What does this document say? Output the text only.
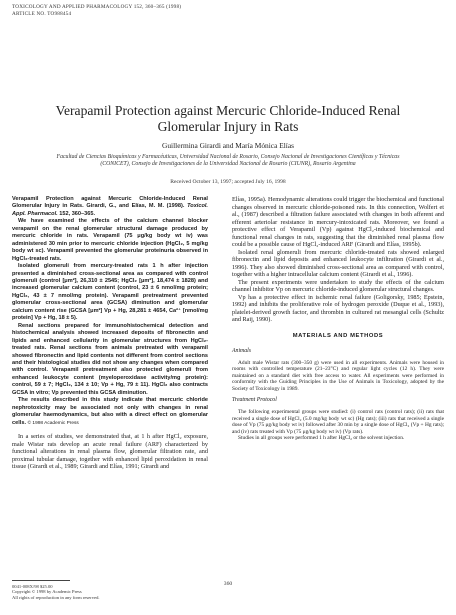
TOXICOLOGY AND APPLIED PHARMACOLOGY 152, 360–365 (1998)
ARTICLE NO. TO988454
Verapamil Protection against Mercuric Chloride-Induced Renal
Glomerular Injury in Rats
Guillermina Girardi and María Mónica Elías
Facultad de Ciencias Bioquímicas y Farmacéuticas, Universidad Nacional de Rosario, Consejo Nacional de Investigaciones Científicas y Técnicas
(CONICET), Consejo de Investigaciones de la Universidad Nacional de Rosario (CIUNR), Rosario Argentina
Received October 13, 1997; accepted July 16, 1998

Verapamil Protection against Mercuric Chloride-Induced Renal Glomerular Injury in Rats. Girardi, G., and Elías, M. M. (1998). Toxicol. Appl. Pharmacol. 152, 360–365.

We have examined the effects of the calcium channel blocker verapamil on the renal glomerular structural damage produced by mercuric chloride in rats. Verapamil (75 μg/kg body wt iv) was administered 30 min prior to mercuric chloride injection (HgCl₂, 5 mg/kg body wt sc). Verapamil prevented the glomerular proteinuria observed in HgCl₂-treated rats.

Isolated glomeruli from mercury-treated rats 1 h after injection presented a diminished cross-sectional area as compared with control glomeruli (control [μm²], 26,310 ± 2545; HgCl₂ [μm²], 18,474 ± 1828) and increased glomerular calcium content (control, 23 ± 6 nmol/mg protein; HgCl₂, 43 ± 7 nmol/mg protein). Verapamil pretreatment prevented glomerular cross-sectional area (GCSA) diminution and glomerular calcium content rise (GCSA [μm²] Vp + Hg, 28,281 ± 4654, Ca²⁺ [nmol/mg protein] Vp + Hg, 18 ± 5).

Renal sections prepared for immunohistochemical detection and histochemical analysis showed increased deposits of fibronectin and lipids and enhanced cellularity in glomerular structures from HgCl₂-treated rats. Renal sections from animals pretreated with verapamil showed fibronectin and lipid contents not different from control sections and their histological studies did not show any changes when compared with control. Verapamil pretreatment also protected glomeruli from enhanced leukocyte content (myeloperoxidase activity/mg protein): control, 59 ± 7; HgCl₂, 134 ± 10; Vp + Hg, 79 ± 11). HgCl₂ also contracts GCSA in vitro; Vp prevented this GCSA diminution.

The results described in this study indicate that mercuric chloride nephrotoxicity may be associated not only with changes in renal glomerular haemodynamics, but also with a direct effect on glomerular cells. © 1998 Academic Press

In a series of studies, we demonstrated that, at 1 h after HgCl₂ exposure, male Wistar rats develop an acute renal failure (ARF) characterized by functional alterations in renal plasma flow, glomerular filtration rate, and proximal tubular damage, together with enhanced lipid peroxidation in renal tissue (Girardi et al., 1989; Girardi and Elías, 1991; Girardi and

Elías, 1995a). Hemodynamic alterations could trigger the biochemical and functional changes observed in mercuric chloride-poisoned rats. In this connection, Wolfert et al., (1987) described a filtration failure associated with changes in both afferent and efferent arteriolar resistance in mercury-intoxicated rats. Moreover, we found a protective effect of Verapamil (Vp) against HgCl₂-induced biochemical and functional renal changes in rats, suggesting that the diminished renal plasma flow could be a possible cause of HgCl₂-induced ARF (Girardi and Elías, 1995b).

Isolated renal glomeruli from mercuric chloride-treated rats showed enlarged fibronectin and lipid deposits and enhanced leukocyte infiltration (Girardi et al., 1996). They also showed diminished cross-sectional area as compared with control, together with a higher intracellular calcium content (Girardi et al., 1996).

The present experiments were undertaken to study the effects of the calcium channel inhibitor Vp on mercuric chloride-induced glomerular structural changes.

Vp has a protective effect in ischemic renal failure (Goligorsky, 1985; Epstein, 1992) and inhibits the proliferative role of hydrogen peroxide (Duque et al., 1993), platelet-derived growth factor, and thrombin in cultured rat mesangial cells (Schultz and Raij, 1990).

MATERIALS AND METHODS
Animals

Adult male Wistar rats (300–350 g) were used in all experiments. Animals were housed in rooms with controlled temperature (21–23°C) and regular light cycles (12 h). They were maintained on a standard diet with free access to water. All experiments were performed in conformity with the Guiding Principles in the Use of Animals in Toxicology, adopted by the Society of Toxicology in 1989.

Treatment Protocol

The following experimental groups were studied: (i) control rats (control rats); (ii) rats that received a single dose of HgCl₂ (5.0 mg/kg body wt sc) (Hg rats); (iii) rats that received a single dose of Vp (75 μg/kg body wt iv) followed after 30 min by a single dose of HgCl₂ (Vp + Hg rats); and (iv) rats treated with Vp (75 μg/kg body wt iv) (Vp rats).

Studies in all groups were performed 1 h after HgCl₂ or the solvent injection.

0041-008X/98 $25.00
Copyright © 1998 by Academic Press
All rights of reproduction in any form reserved.
360
